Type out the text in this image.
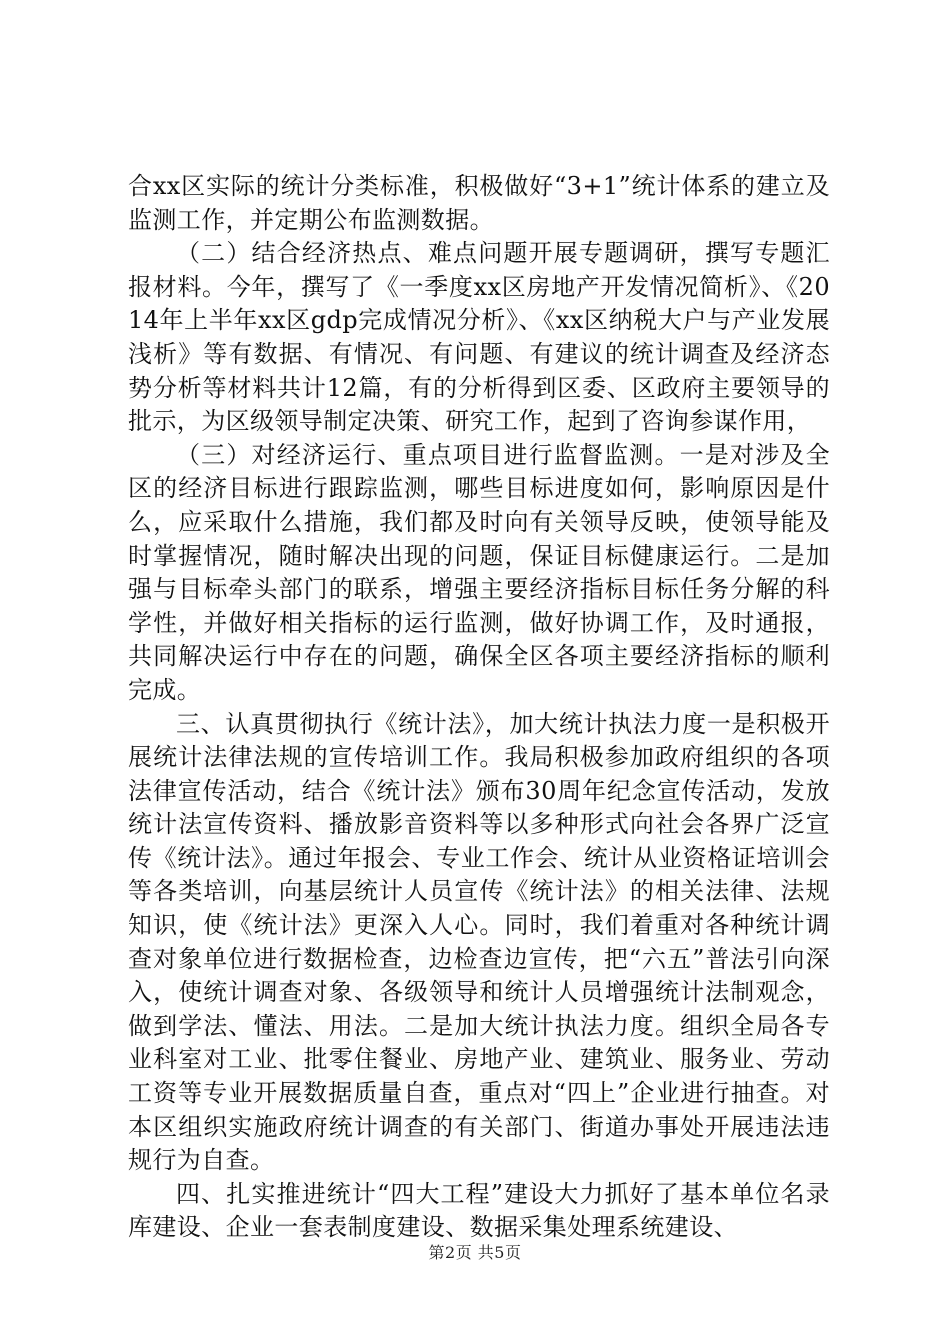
合xx区实际的统计分类标准，积极做好“3+1”统计体系的建立及监测工作，并定期公布监测数据。

（二）结合经济热点、难点问题开展专题调研，撰写专题汇报材料。今年，撰写了《一季度xx区房地产开发情况简析》、《2014年上半年xx区gdp完成情况分析》、《xx区纳税大户与产业发展浅析》等有数据、有情况、有问题、有建议的统计调查及经济态势分析等材料共计12篇，有的分析得到区委、区政府主要领导的批示，为区级领导制定决策、研究工作，起到了咨询参谋作用，

（三）对经济运行、重点项目进行监督监测。一是对涉及全区的经济目标进行跟踪监测，哪些目标进度如何，影响原因是什么，应采取什么措施，我们都及时向有关领导反映，使领导能及时掌握情况，随时解决出现的问题，保证目标健康运行。二是加强与目标牵头部门的联系，增强主要经济指标目标任务分解的科学性，并做好相关指标的运行监测，做好协调工作，及时通报，共同解决运行中存在的问题，确保全区各项主要经济指标的顺利完成。

三、认真贯彻执行《统计法》，加大统计执法力度一是积极开展统计法律法规的宣传培训工作。我局积极参加政府组织的各项法律宣传活动，结合《统计法》颁布30周年纪念宣传活动，发放统计法宣传资料、播放影音资料等以多种形式向社会各界广泛宣传《统计法》。通过年报会、专业工作会、统计从业资格证培训会等各类培训，向基层统计人员宣传《统计法》的相关法律、法规知识，使《统计法》更深入人心。同时，我们着重对各种统计调查对象单位进行数据检查，边检查边宣传，把“六五”普法引向深入，使统计调查对象、各级领导和统计人员增强统计法制观念，做到学法、懂法、用法。二是加大统计执法力度。组织全局各专业科室对工业、批零住餐业、房地产业、建筑业、服务业、劳动工资等专业开展数据质量自查，重点对“四上”企业进行抽查。对本区组织实施政府统计调查的有关部门、街道办事处开展违法违规行为自查。

四、扎实推进统计“四大工程”建设大力抓好了基本单位名录库建设、企业一套表制度建设、数据采集处理系统建设、

第2页 共5页
